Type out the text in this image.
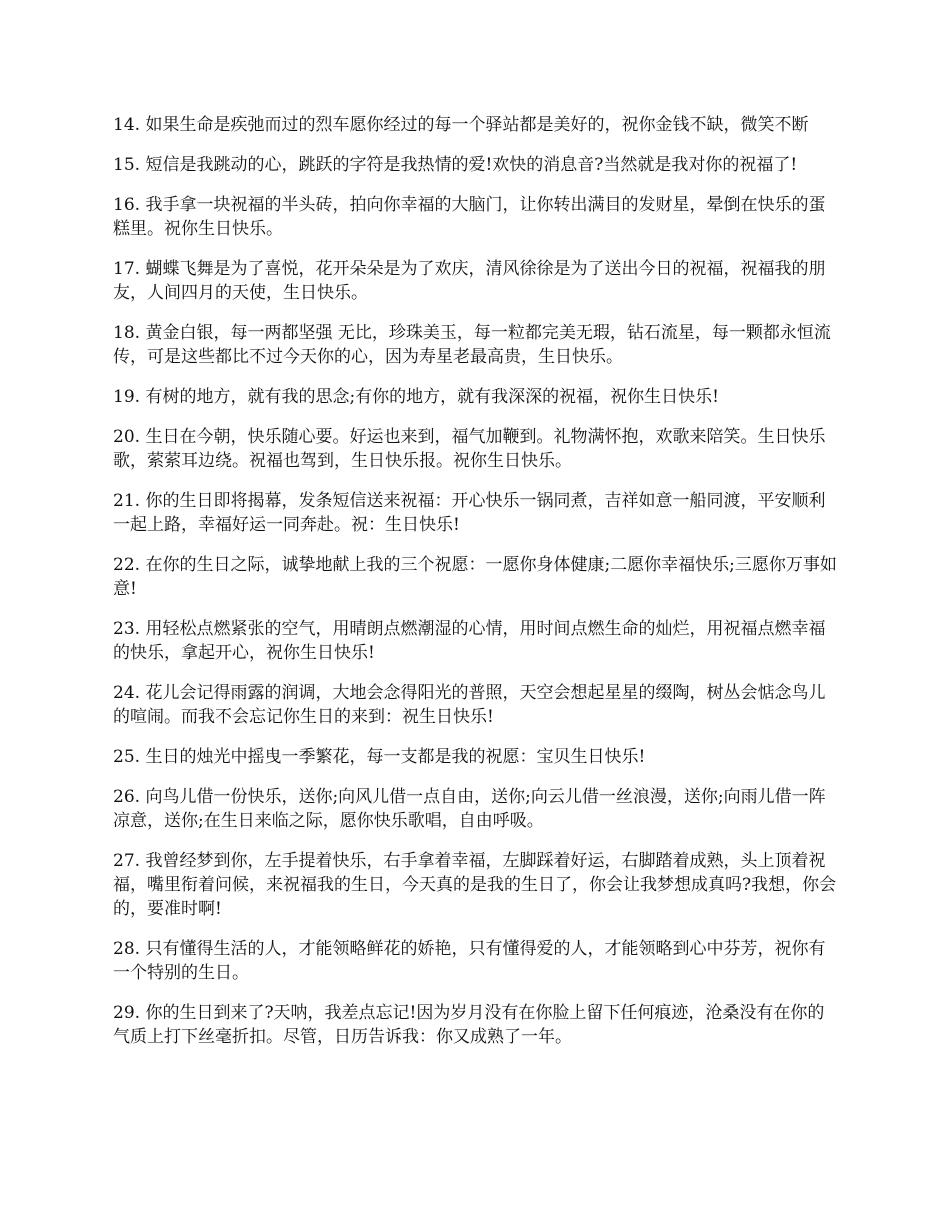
14. 如果生命是疾弛而过的烈车愿你经过的每一个驿站都是美好的，祝你金钱不缺，微笑不断

15. 短信是我跳动的心，跳跃的字符是我热情的爱!欢快的消息音?当然就是我对你的祝福了!

16. 我手拿一块祝福的半头砖，拍向你幸福的大脑门，让你转出满目的发财星，晕倒在快乐的蛋糕里。祝你生日快乐。

17. 蝴蝶飞舞是为了喜悦，花开朵朵是为了欢庆，清风徐徐是为了送出今日的祝福，祝福我的朋友，人间四月的天使，生日快乐。

18. 黄金白银，每一两都坚强 无比，珍珠美玉，每一粒都完美无瑕，钻石流星，每一颗都永恒流传，可是这些都比不过今天你的心，因为寿星老最高贵，生日快乐。

19. 有树的地方，就有我的思念;有你的地方，就有我深深的祝福，祝你生日快乐!

20. 生日在今朝，快乐随心要。好运也来到，福气加鞭到。礼物满怀抱，欢歌来陪笑。生日快乐歌，萦萦耳边绕。祝福也驾到，生日快乐报。祝你生日快乐。

21. 你的生日即将揭幕，发条短信送来祝福：开心快乐一锅同煮，吉祥如意一船同渡，平安顺利一起上路，幸福好运一同奔赴。祝：生日快乐!

22. 在你的生日之际，诚挚地献上我的三个祝愿：一愿你身体健康;二愿你幸福快乐;三愿你万事如意!

23. 用轻松点燃紧张的空气，用晴朗点燃潮湿的心情，用时间点燃生命的灿烂，用祝福点燃幸福的快乐，拿起开心，祝你生日快乐!

24. 花儿会记得雨露的润调，大地会念得阳光的普照，天空会想起星星的缀陶，树丛会惦念鸟儿的喧闹。而我不会忘记你生日的来到：祝生日快乐!

25. 生日的烛光中摇曳一季繁花，每一支都是我的祝愿：宝贝生日快乐!

26. 向鸟儿借一份快乐，送你;向风儿借一点自由，送你;向云儿借一丝浪漫，送你;向雨儿借一阵凉意，送你;在生日来临之际，愿你快乐歌唱，自由呼吸。

27. 我曾经梦到你，左手提着快乐，右手拿着幸福，左脚踩着好运，右脚踏着成熟，头上顶着祝福，嘴里衔着问候，来祝福我的生日，今天真的是我的生日了，你会让我梦想成真吗?我想，你会的，要准时啊!

28. 只有懂得生活的人，才能领略鲜花的娇艳，只有懂得爱的人，才能领略到心中芬芳，祝你有一个特别的生日。

29. 你的生日到来了?天呐，我差点忘记!因为岁月没有在你脸上留下任何痕迹，沧桑没有在你的气质上打下丝毫折扣。尽管，日历告诉我：你又成熟了一年。
